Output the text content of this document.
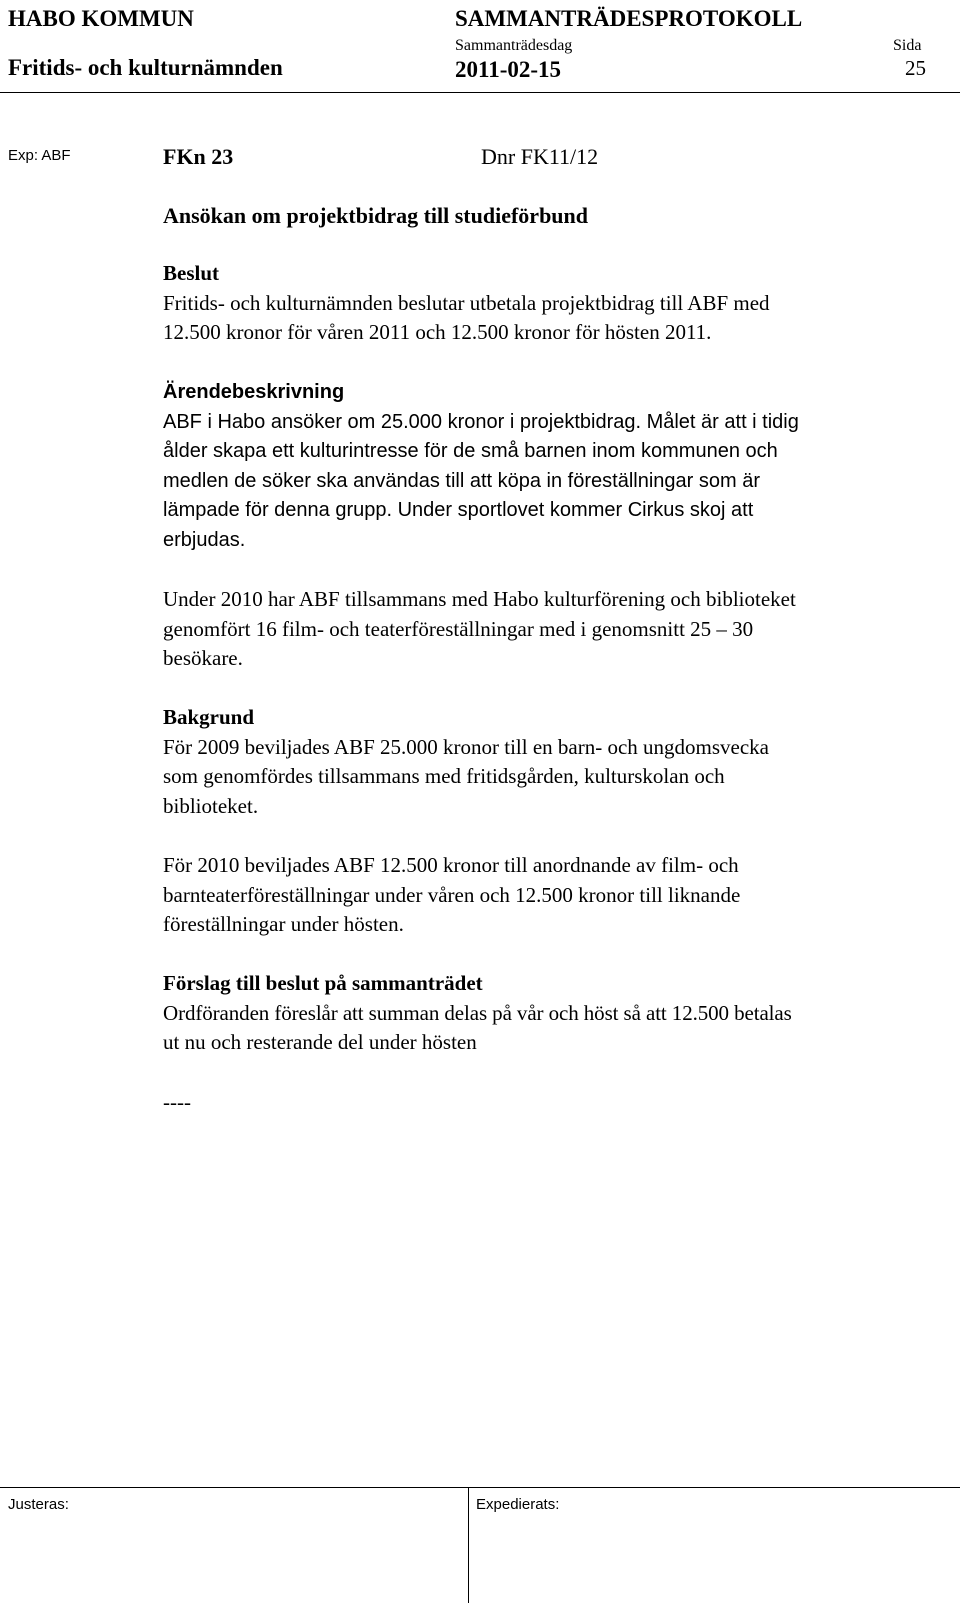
HABO KOMMUN	SAMMANTRÄDESPROTOKOLL
Fritids- och kulturnämnden
Sammanträdesdag
2011-02-15
Sida
25
Exp: ABF	FKn 23	Dnr FK11/12
Ansökan om projektbidrag till studieförbund

Beslut

Fritids- och kulturnämnden beslutar utbetala projektbidrag till ABF med

12.500 kronor för våren 2011 och 12.500 kronor för hösten 2011.

Ärendebeskrivning

ABF i Habo ansöker om 25.000 kronor i projektbidrag. Målet är att i tidig

ålder skapa ett kulturintresse för de små barnen inom kommunen och

medlen de söker ska användas till att köpa in föreställningar som är

lämpade för denna grupp. Under sportlovet kommer Cirkus skoj att

erbjudas.

Under 2010 har ABF tillsammans med Habo kulturförening och biblioteket

genomfört 16 film- och teaterföreställningar med i genomsnitt 25 – 30

besökare.

Bakgrund

För 2009 beviljades ABF 25.000 kronor till en barn- och ungdomsvecka

som genomfördes tillsammans med fritidsgården, kulturskolan och

biblioteket.

För 2010 beviljades ABF 12.500 kronor till anordnande av film- och

barnteaterföreställningar under våren och 12.500 kronor till liknande

föreställningar under hösten.

Förslag till beslut på sammanträdet

Ordföranden föreslår att summan delas på vår och höst så att 12.500 betalas

ut nu och resterande del under hösten

----
Justeras:	Expedierats:
